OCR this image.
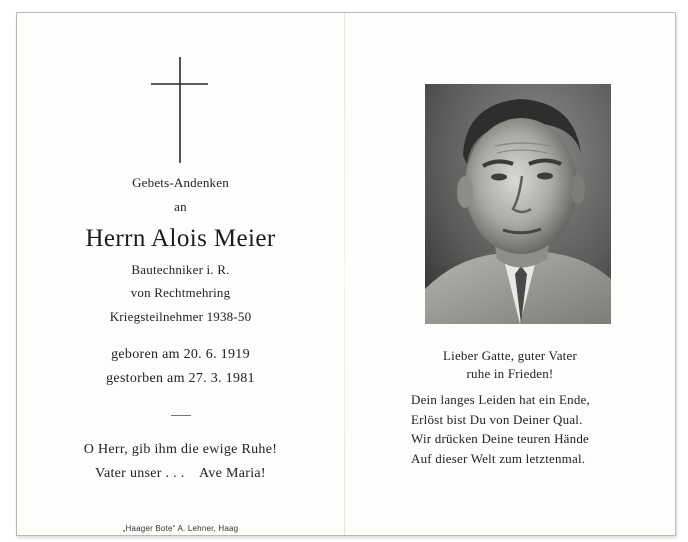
Gebets-Andenken
an
Herrn Alois Meier
Bautechniker i. R.
von Rechtmehring
Kriegsteilnehmer 1938-50
geboren am 20. 6. 1919
gestorben am 27. 3. 1981
O Herr, gib ihm die ewige Ruhe!
Vater unser . . .    Ave Maria!
„Haager Bote“ A. Lehner, Haag
Lieber Gatte, guter Vater
ruhe in Frieden!
Dein langes Leiden hat ein Ende,
Erlöst bist Du von Deiner Qual.
Wir drücken Deine teuren Hände
Auf dieser Welt zum letztenmal.
